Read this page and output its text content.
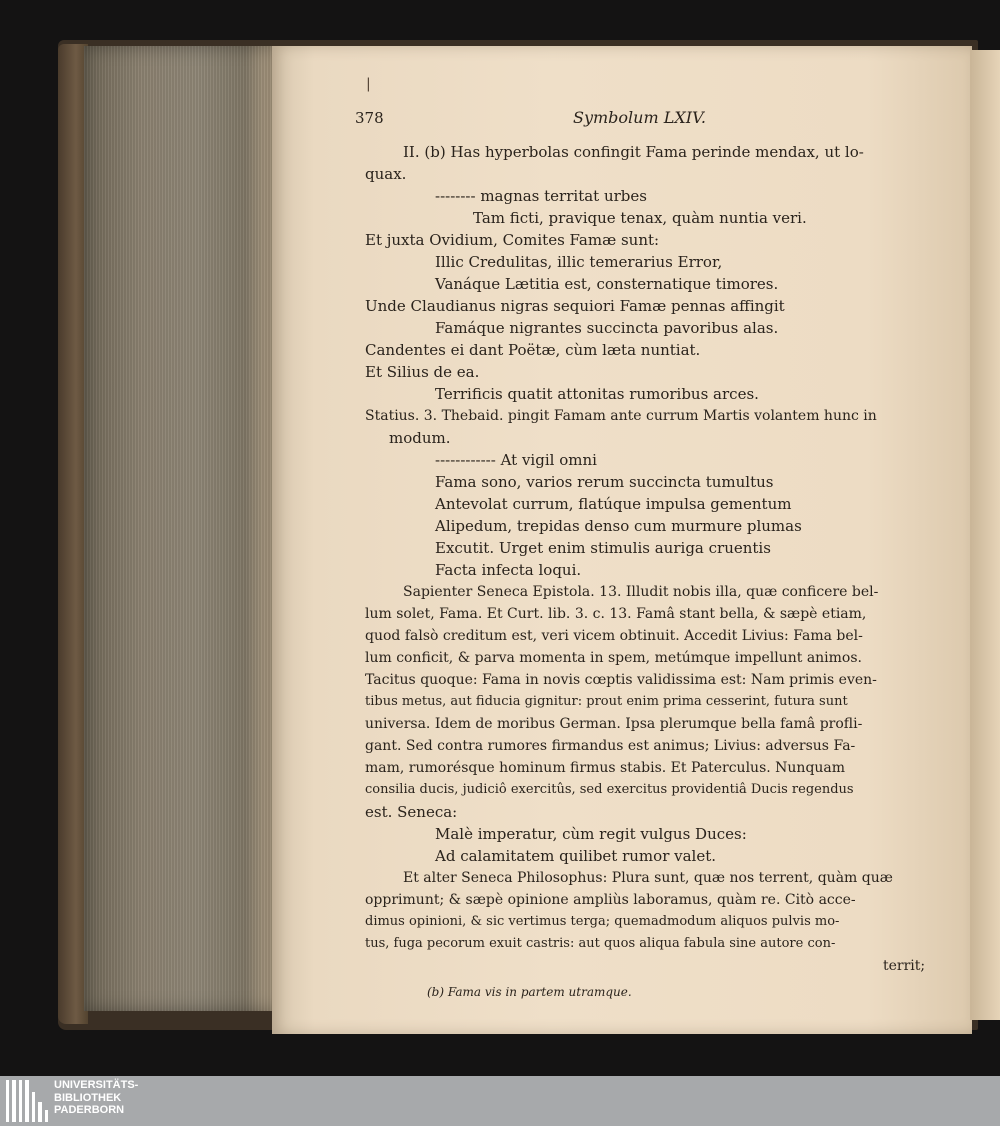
|
378	Symbolum LXIV.
II. (b) Has hyperbolas confingit Fama perinde mendax, ut lo-
quax.
-------- magnas territat urbes
Tam ficti, pravique tenax, quàm nuntia veri.
Et juxta Ovidium, Comites Famæ sunt:
Illic Credulitas, illic temerarius Error,
Vanáque Lætitia est, consternatique timores.
Unde Claudianus nigras sequiori Famæ pennas affingit
Famáque nigrantes succincta pavoribus alas.
Candentes ei dant Poëtæ, cùm læta nuntiat.
Et Silius de ea.
Terrificis quatit attonitas rumoribus arces.
Statius. 3. Thebaid. pingit Famam ante currum Martis volantem hunc in
modum.
------------ At vigil omni
Fama sono, varios rerum succincta tumultus
Antevolat currum, flatúque impulsa gementum
Alipedum, trepidas denso cum murmure plumas
Excutit. Urget enim stimulis auriga cruentis
Facta infecta loqui.
Sapienter Seneca Epistola. 13. Illudit nobis illa, quæ conficere bel-
lum solet, Fama. Et Curt. lib. 3. c. 13. Famâ stant bella, & sæpè etiam,
quod falsò creditum est, veri vicem obtinuit. Accedit Livius: Fama bel-
lum conficit, & parva momenta in spem, metúmque impellunt animos.
Tacitus quoque: Fama in novis cœptis validissima est: Nam primis even-
tibus metus, aut fiducia gignitur: prout enim prima cesserint, futura sunt
universa. Idem de moribus German. Ipsa plerumque bella famâ profli-
gant. Sed contra rumores firmandus est animus; Livius: adversus Fa-
mam, rumorésque hominum firmus stabis. Et Paterculus. Nunquam
consilia ducis, judiciô exercitûs, sed exercitus providentiâ Ducis regendus
est. Seneca:
Malè imperatur, cùm regit vulgus Duces:
Ad calamitatem quilibet rumor valet.
Et alter Seneca Philosophus: Plura sunt, quæ nos terrent, quàm quæ
opprimunt; & sæpè opinione ampliùs laboramus, quàm re. Citò acce-
dimus opinioni, & sic vertimus terga; quemadmodum aliquos pulvis mo-
tus, fuga pecorum exuit castris: aut quos aliqua fabula sine autore con-
territ;
(b) Fama vis in partem utramque.
UNIVERSITÄTS-
BIBLIOTHEK
PADERBORN
